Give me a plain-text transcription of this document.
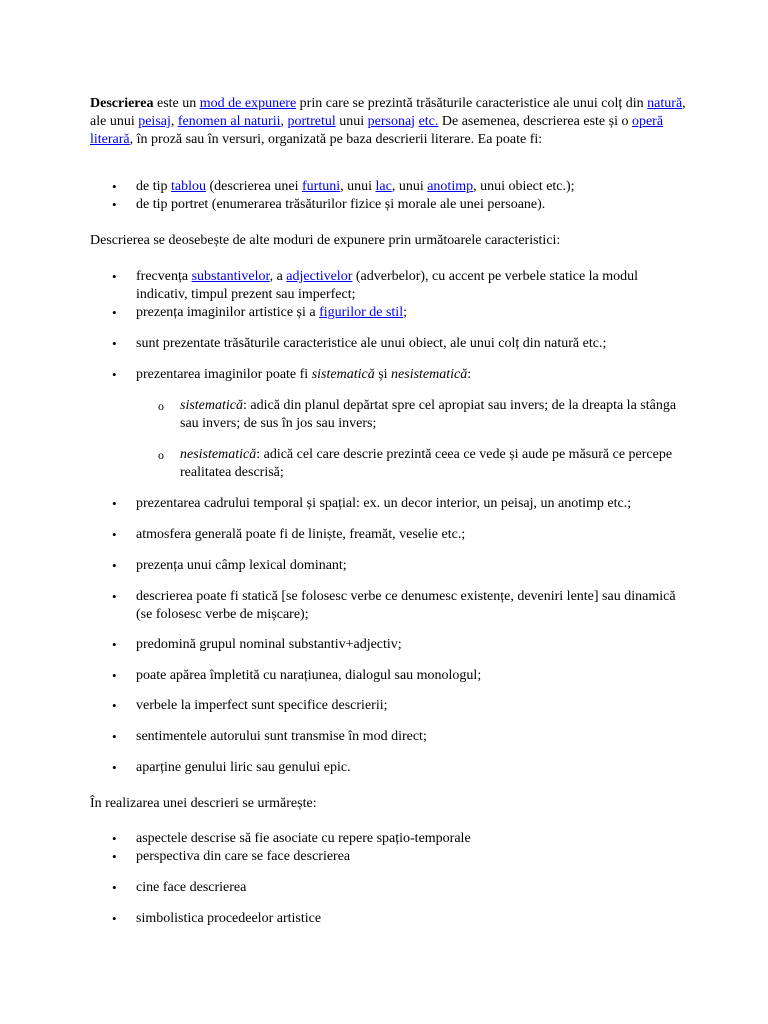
Descrierea este un mod de expunere prin care se prezintă trăsăturile caracteristice ale unui colț din natură, ale unui peisaj, fenomen al naturii, portretul unui personaj etc. De asemenea, descrierea este și o operă literară, în proză sau în versuri, organizată pe baza descrierii literare. Ea poate fi:

• de tip tablou (descrierea unei furtuni, unui lac, unui anotimp, unui obiect etc.);
• de tip portret (enumerarea trăsăturilor fizice și morale ale unei persoane).

Descrierea se deosebește de alte moduri de expunere prin următoarele caracteristici:

• frecvența substantivelor, a adjectivelor (adverbelor), cu accent pe verbele statice la modul indicativ, timpul prezent sau imperfect;
• prezența imaginilor artistice și a figurilor de stil;
• sunt prezentate trăsăturile caracteristice ale unui obiect, ale unui colț din natură etc.;
• prezentarea imaginilor poate fi sistematică și nesistematică:
o sistematică: adică din planul depărtat spre cel apropiat sau invers; de la dreapta la stânga sau invers; de sus în jos sau invers;
o nesistematică: adică cel care descrie prezintă ceea ce vede și aude pe măsură ce percepe realitatea descrisă;
• prezentarea cadrului temporal și spațial: ex. un decor interior, un peisaj, un anotimp etc.;
• atmosfera generală poate fi de liniște, freamăt, veselie etc.;
• prezența unui câmp lexical dominant;
• descrierea poate fi statică [se folosesc verbe ce denumesc existențe, deveniri lente] sau dinamică (se folosesc verbe de mișcare);
• predomină grupul nominal substantiv+adjectiv;
• poate apărea împletită cu narațiunea, dialogul sau monologul;
• verbele la imperfect sunt specifice descrierii;
• sentimentele autorului sunt transmise în mod direct;
• aparține genului liric sau genului epic.

În realizarea unei descrieri se urmărește:

• aspectele descrise să fie asociate cu repere spațio-temporale
• perspectiva din care se face descrierea
• cine face descrierea
• simbolistica procedeelor artistice
